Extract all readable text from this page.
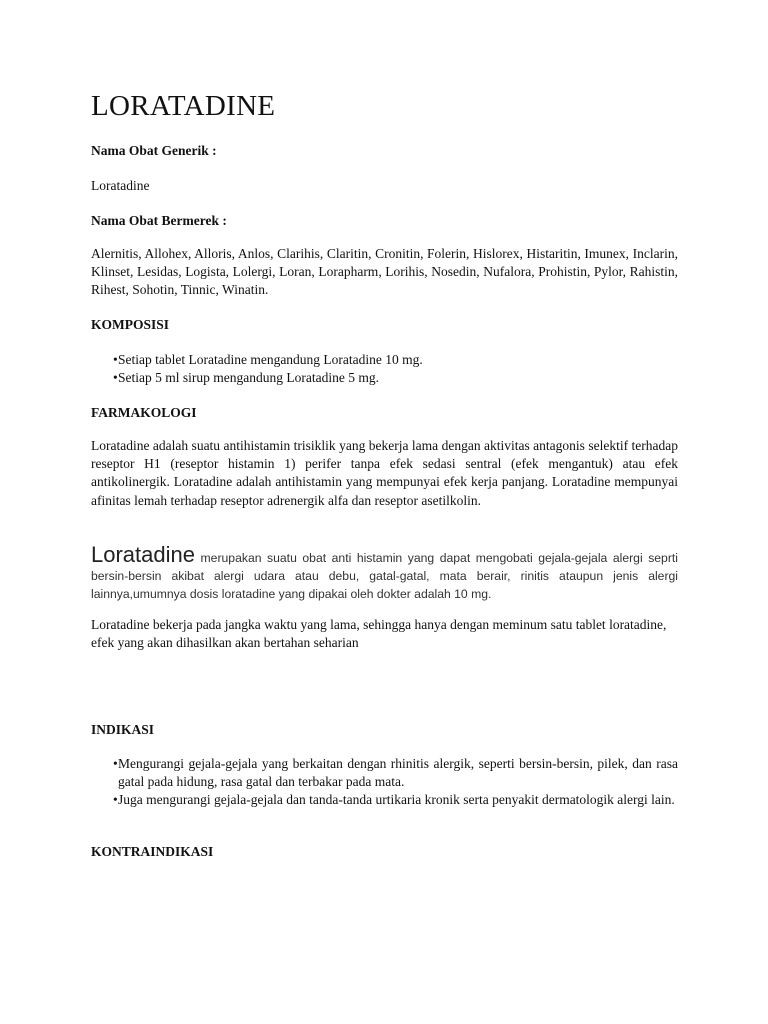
LORATADINE

Nama Obat Generik :

Loratadine

Nama Obat Bermerek :

Alernitis, Allohex, Alloris, Anlos, Clarihis, Claritin, Cronitin, Folerin, Hislorex, Histaritin, Imunex, Inclarin, Klinset, Lesidas, Logista, Lolergi, Loran, Lorapharm, Lorihis, Nosedin, Nufalora, Prohistin, Pylor, Rahistin, Rihest, Sohotin, Tinnic, Winatin.

KOMPOSISI

• Setiap tablet Loratadine mengandung Loratadine 10 mg.
• Setiap 5 ml sirup mengandung Loratadine 5 mg.

FARMAKOLOGI

Loratadine adalah suatu antihistamin trisiklik yang bekerja lama dengan aktivitas antagonis selektif terhadap reseptor H1 (reseptor histamin 1) perifer tanpa efek sedasi sentral (efek mengantuk) atau efek antikolinergik. Loratadine adalah antihistamin yang mempunyai efek kerja panjang. Loratadine mempunyai afinitas lemah terhadap reseptor adrenergik alfa dan reseptor asetilkolin.

Loratadine merupakan suatu obat anti histamin yang dapat mengobati gejala-gejala alergi seprti bersin-bersin akibat alergi udara atau debu, gatal-gatal, mata berair, rinitis ataupun jenis alergi lainnya,umumnya dosis loratadine yang dipakai oleh dokter adalah 10 mg.

Loratadine bekerja pada jangka waktu yang lama, sehingga hanya dengan meminum satu tablet loratadine, efek yang akan dihasilkan akan bertahan seharian

INDIKASI

• Mengurangi gejala-gejala yang berkaitan dengan rhinitis alergik, seperti bersin-bersin, pilek, dan rasa gatal pada hidung, rasa gatal dan terbakar pada mata.
• Juga mengurangi gejala-gejala dan tanda-tanda urtikaria kronik serta penyakit dermatologik alergi lain.

KONTRAINDIKASI
